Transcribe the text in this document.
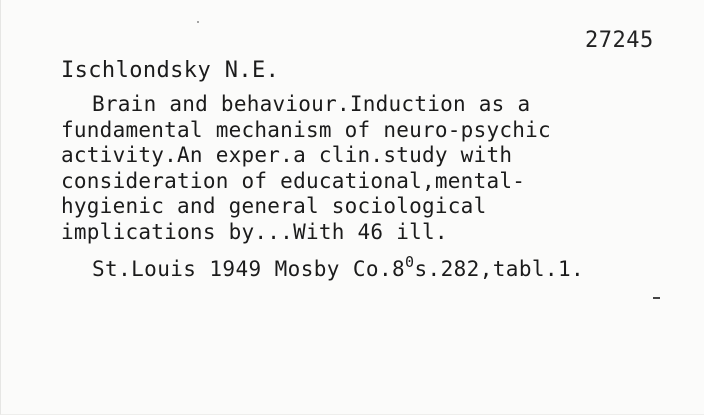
27245
Ischlondsky N.E.
Brain and behaviour.Induction as a
fundamental mechanism of neuro-psychic
activity.An exper.a clin.study with
consideration of educational,mental-
hygienic and general sociological
implications by...With 46 ill.
St.Louis 1949 Mosby $Co.8^0s.282,tabl.1$.
